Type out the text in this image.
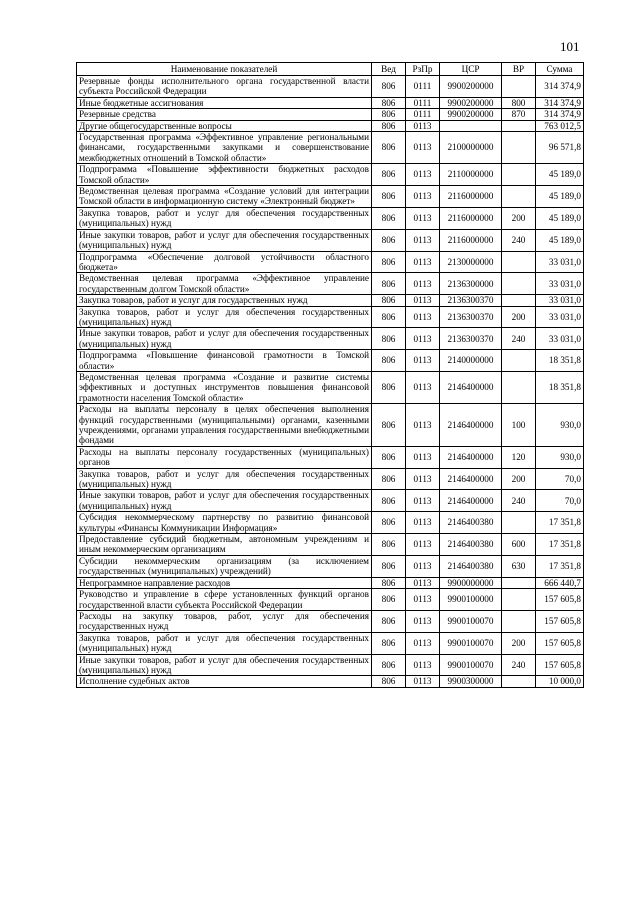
101
Наименование показателей	Вед	РзПр	ЦСР	ВР	Сумма
Резервные фонды исполнительного органа государственной власти субъекта Российской Федерации	806	0111	9900200000		314 374,9
Иные бюджетные ассигнования	806	0111	9900200000	800	314 374,9
Резервные средства	806	0111	9900200000	870	314 374,9
Другие общегосударственные вопросы	806	0113			763 012,5
Государственная программа «Эффективное управление региональными финансами, государственными закупками и совершенствование межбюджетных отношений в Томской области»	806	0113	2100000000		96 571,8
Подпрограмма «Повышение эффективности бюджетных расходов Томской области»	806	0113	2110000000		45 189,0
Ведомственная целевая программа «Создание условий для интеграции Томской области в информационную систему «Электронный бюджет»	806	0113	2116000000		45 189,0
Закупка товаров, работ и услуг для обеспечения государственных (муниципальных) нужд	806	0113	2116000000	200	45 189,0
Иные закупки товаров, работ и услуг для обеспечения государственных (муниципальных) нужд	806	0113	2116000000	240	45 189,0
Подпрограмма «Обеспечение долговой устойчивости областного бюджета»	806	0113	2130000000		33 031,0
Ведомственная целевая программа «Эффективное управление государственным долгом Томской области»	806	0113	2136300000		33 031,0
Закупка товаров, работ и услуг для государственных нужд	806	0113	2136300370		33 031,0
Закупка товаров, работ и услуг для обеспечения государственных (муниципальных) нужд	806	0113	2136300370	200	33 031,0
Иные закупки товаров, работ и услуг для обеспечения государственных (муниципальных) нужд	806	0113	2136300370	240	33 031,0
Подпрограмма «Повышение финансовой грамотности в Томской области»	806	0113	2140000000		18 351,8
Ведомственная целевая программа «Создание и развитие системы эффективных и доступных инструментов повышения финансовой грамотности населения Томской области»	806	0113	2146400000		18 351,8
Расходы на выплаты персоналу в целях обеспечения выполнения функций государственными (муниципальными) органами, казенными учреждениями, органами управления государственными внебюджетными фондами	806	0113	2146400000	100	930,0
Расходы на выплаты персоналу государственных (муниципальных) органов	806	0113	2146400000	120	930,0
Закупка товаров, работ и услуг для обеспечения государственных (муниципальных) нужд	806	0113	2146400000	200	70,0
Иные закупки товаров, работ и услуг для обеспечения государственных (муниципальных) нужд	806	0113	2146400000	240	70,0
Субсидия некоммерческому партнерству по развитию финансовой культуры «Финансы Коммуникации Информация»	806	0113	2146400380		17 351,8
Предоставление субсидий бюджетным, автономным учреждениям и иным некоммерческим организациям	806	0113	2146400380	600	17 351,8
Субсидии некоммерческим организациям (за исключением государственных (муниципальных) учреждений)	806	0113	2146400380	630	17 351,8
Непрограммное направление расходов	806	0113	9900000000		666 440,7
Руководство и управление в сфере установленных функций органов государственной власти субъекта Российской Федерации	806	0113	9900100000		157 605,8
Расходы на закупку товаров, работ, услуг для обеспечения государственных нужд	806	0113	9900100070		157 605,8
Закупка товаров, работ и услуг для обеспечения государственных (муниципальных) нужд	806	0113	9900100070	200	157 605,8
Иные закупки товаров, работ и услуг для обеспечения государственных (муниципальных) нужд	806	0113	9900100070	240	157 605,8
Исполнение судебных актов	806	0113	9900300000		10 000,0
